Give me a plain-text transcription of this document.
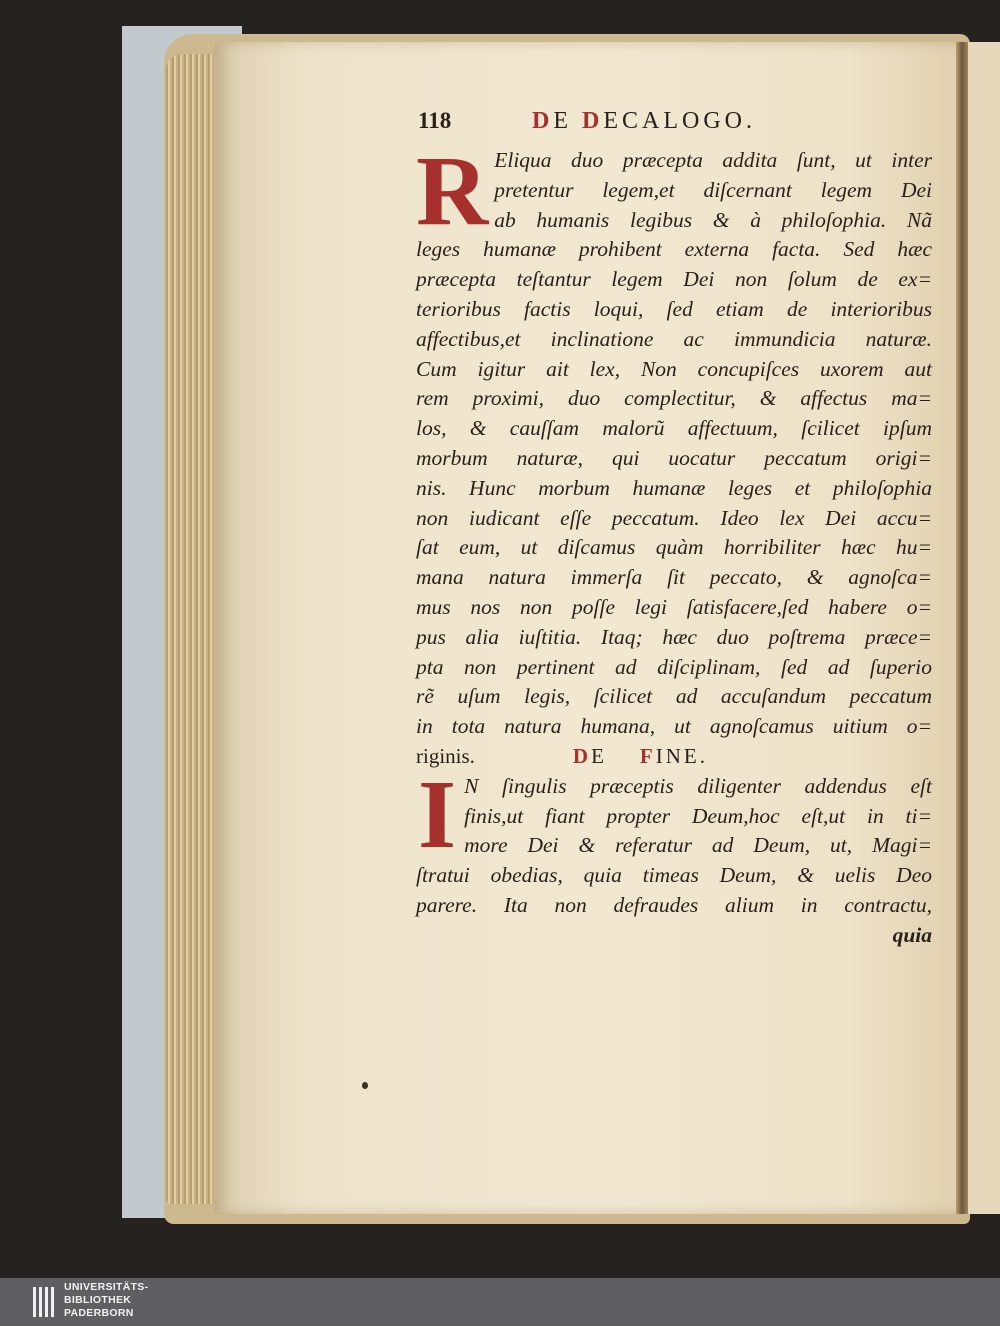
118	DE DECALOGO.
R Eliqua duo præcepta addita ſunt, ut inter
pretentur legem,et diſcernant legem Dei
ab humanis legibus & à philoſophia. Nã
leges humanæ prohibent externa facta. Sed hæc
præcepta teſtantur legem Dei non ſolum de ex=
terioribus factis loqui, ſed etiam de interioribus
affectibus,et inclinatione ac immundicia naturæ.
Cum igitur ait lex, Non concupiſces uxorem aut
rem proximi, duo complectitur, & affectus ma=
los, & cauſſam malorũ affectuum, ſcilicet ipſum
morbum naturæ, qui uocatur peccatum origi=
nis. Hunc morbum humanæ leges et philoſophia
non iudicant eſſe peccatum. Ideo lex Dei accu=
ſat eum, ut diſcamus quàm horribiliter hæc hu=
mana natura immerſa ſit peccato, & agnoſca=
mus nos non poſſe legi ſatisfacere,ſed habere o=
pus alia iuſtitia. Itaq; hæc duo poſtrema præce=
pta non pertinent ad diſciplinam, ſed ad ſuperio
rẽ uſum legis, ſcilicet ad accuſandum peccatum
in tota natura humana, ut agnoſcamus uitium o=
riginis.	DE FINE.
I N ſingulis præceptis diligenter addendus eſt
finis,ut fiant propter Deum,hoc eſt,ut in ti=
more Dei & referatur ad Deum, ut, Magi=
ſtratui obedias, quia timeas Deum, & uelis Deo
parere. Ita non defraudes alium in contractu,
quia
UNIVERSITÄTS-
BIBLIOTHEK
PADERBORN
